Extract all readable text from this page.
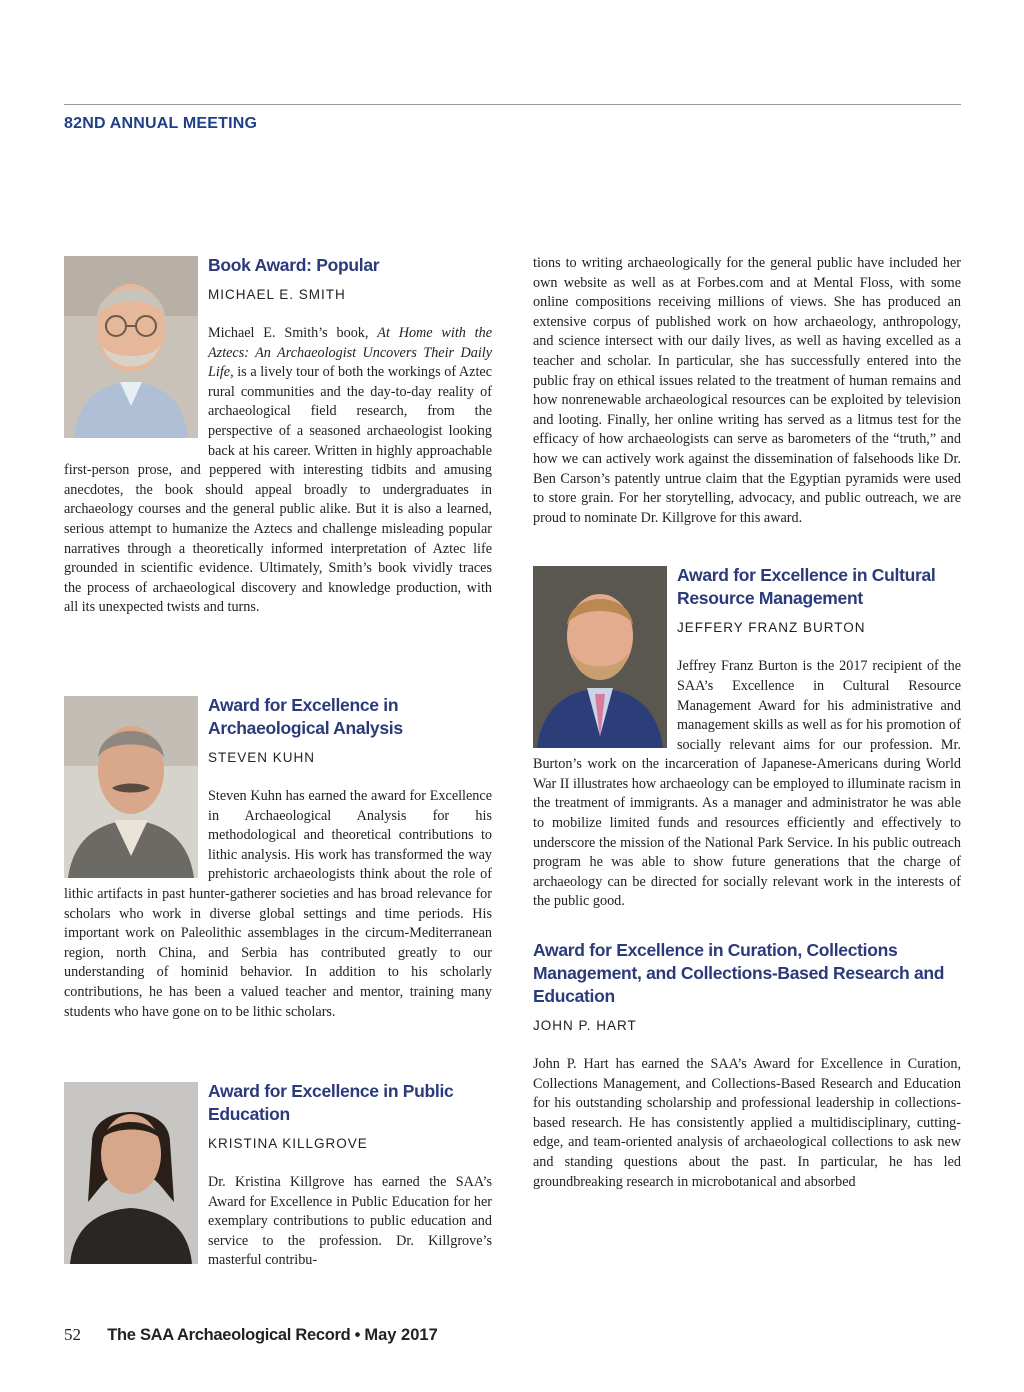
82ND ANNUAL MEETING
Book Award: Popular
MICHAEL E. SMITH

Michael E. Smith’s book, At Home with the Aztecs: An Archaeologist Uncovers Their Daily Life, is a lively tour of both the workings of Aztec rural communities and the day-to-day reality of archaeological field research, from the perspective of a seasoned archaeologist looking back at his career. Written in highly approachable first-person prose, and peppered with interesting tidbits and amusing anecdotes, the book should appeal broadly to undergraduates in archaeology courses and the general public alike. But it is also a learned, serious attempt to humanize the Aztecs and challenge misleading popular narratives through a theoretically informed interpretation of Aztec life grounded in scientific evidence. Ultimately, Smith’s book vividly traces the process of archaeological discovery and knowledge production, with all its unexpected twists and turns.

Award for Excellence in Archaeological Analysis
STEVEN KUHN

Steven Kuhn has earned the award for Excellence in Archaeological Analysis for his methodological and theoretical contributions to lithic analysis. His work has transformed the way prehistoric archaeologists think about the role of lithic artifacts in past hunter-gatherer societies and has broad relevance for scholars who work in diverse global settings and time periods. His important work on Paleolithic assemblages in the circum-Mediterranean region, north China, and Serbia has contributed greatly to our understanding of hominid behavior. In addition to his scholarly contributions, he has been a valued teacher and mentor, training many students who have gone on to be lithic scholars.

Award for Excellence in Public Education
KRISTINA KILLGROVE

Dr. Kristina Killgrove has earned the SAA’s Award for Excellence in Public Education for her exemplary contributions to public education and service to the profession. Dr. Killgrove’s masterful contribu-

tions to writing archaeologically for the general public have included her own website as well as at Forbes.com and at Mental Floss, with some online compositions receiving millions of views. She has produced an extensive corpus of published work on how archaeology, anthropology, and science intersect with our daily lives, as well as having excelled as a teacher and scholar. In particular, she has successfully entered into the public fray on ethical issues related to the treatment of human remains and how nonrenewable archaeological resources can be exploited by television and looting. Finally, her online writing has served as a litmus test for the efficacy of how archaeologists can serve as barometers of the “truth,” and how we can actively work against the dissemination of falsehoods like Dr. Ben Carson’s patently untrue claim that the Egyptian pyramids were used to store grain. For her storytelling, advocacy, and public outreach, we are proud to nominate Dr. Killgrove for this award.

Award for Excellence in Cultural Resource Management
JEFFERY FRANZ BURTON

Jeffrey Franz Burton is the 2017 recipient of the SAA’s Excellence in Cultural Resource Management Award for his administrative and management skills as well as for his promotion of socially relevant aims for our profession. Mr. Burton’s work on the incarceration of Japanese-Americans during World War II illustrates how archaeology can be employed to illuminate racism in the treatment of immigrants. As a manager and administrator he was able to mobilize limited funds and resources efficiently and effectively to underscore the mission of the National Park Service. In his public outreach program he was able to show future generations that the charge of archaeology can be directed for socially relevant work in the interests of the public good.

Award for Excellence in Curation, Collections Management, and Collections-Based Research and Education
JOHN P. HART

John P. Hart has earned the SAA’s Award for Excellence in Curation, Collections Management, and Collections-Based Research and Education for his outstanding scholarship and professional leadership in collections-based research. He has consistently applied a multidisciplinary, cutting-edge, and team-oriented analysis of archaeological collections to ask new and standing questions about the past. In particular, he has led groundbreaking research in microbotanical and absorbed

52 The SAA Archaeological Record • May 2017
